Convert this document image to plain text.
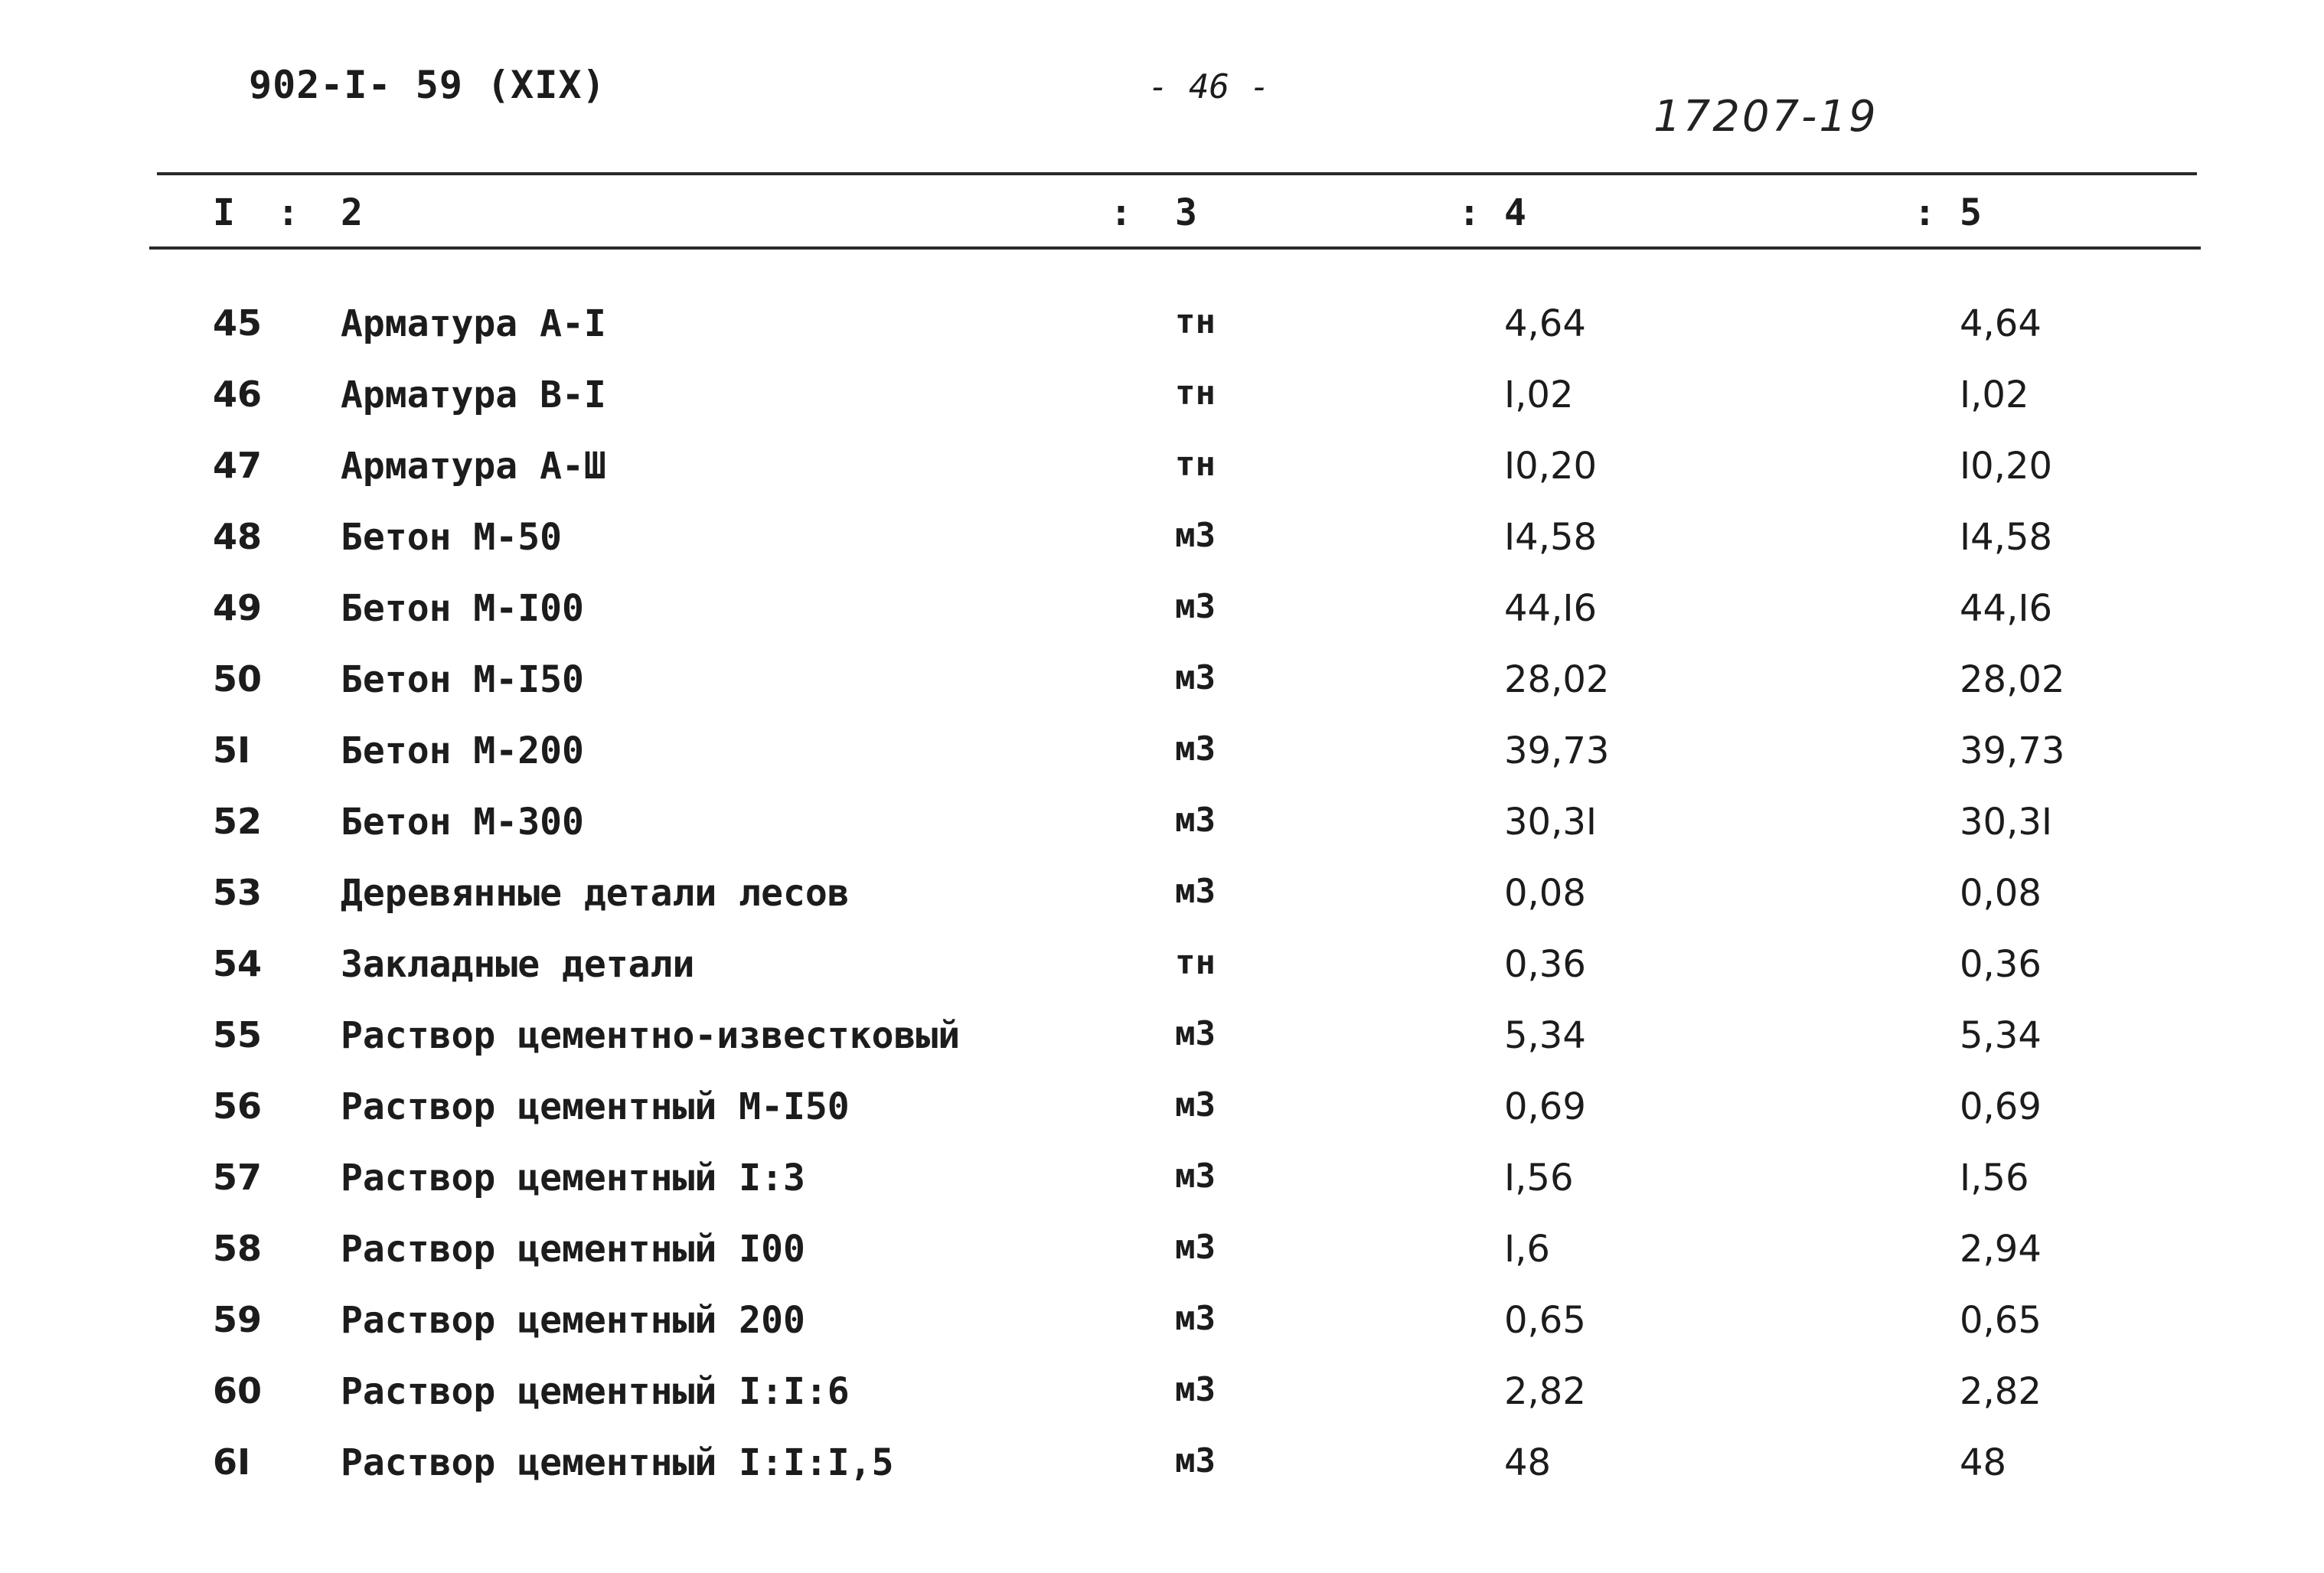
902-I- 59 (XIX)	- 46 -
17207-19
I : 2	: 3	: 4	: 5
45 Арматура А-I	тн	4,64	4,64
46 Арматура В-I	тн	I,02	I,02
47 Арматура А-Ш	тн	I0,20	I0,20
48 Бетон М-50	м3	I4,58	I4,58
49 Бетон М-I00	м3	44,I6	44,I6
50 Бетон М-I50	м3	28,02	28,02
5I Бетон М-200	м3	39,73	39,73
52 Бетон М-300	м3	30,3I	30,3I
53 Деревянные детали лесов	м3	0,08	0,08
54 Закладные детали	тн	0,36	0,36
55 Раствор цементно-известковый	м3	5,34	5,34
56 Раствор цементный М-I50	м3	0,69	0,69
57 Раствор цементный I:3	м3	I,56	I,56
58 Раствор цементный I00	м3	I,6	2,94
59 Раствор цементный 200	м3	0,65	0,65
60 Раствор цементный I:I:6	м3	2,82	2,82
6I Раствор цементный I:I:I,5	м3	48	48
